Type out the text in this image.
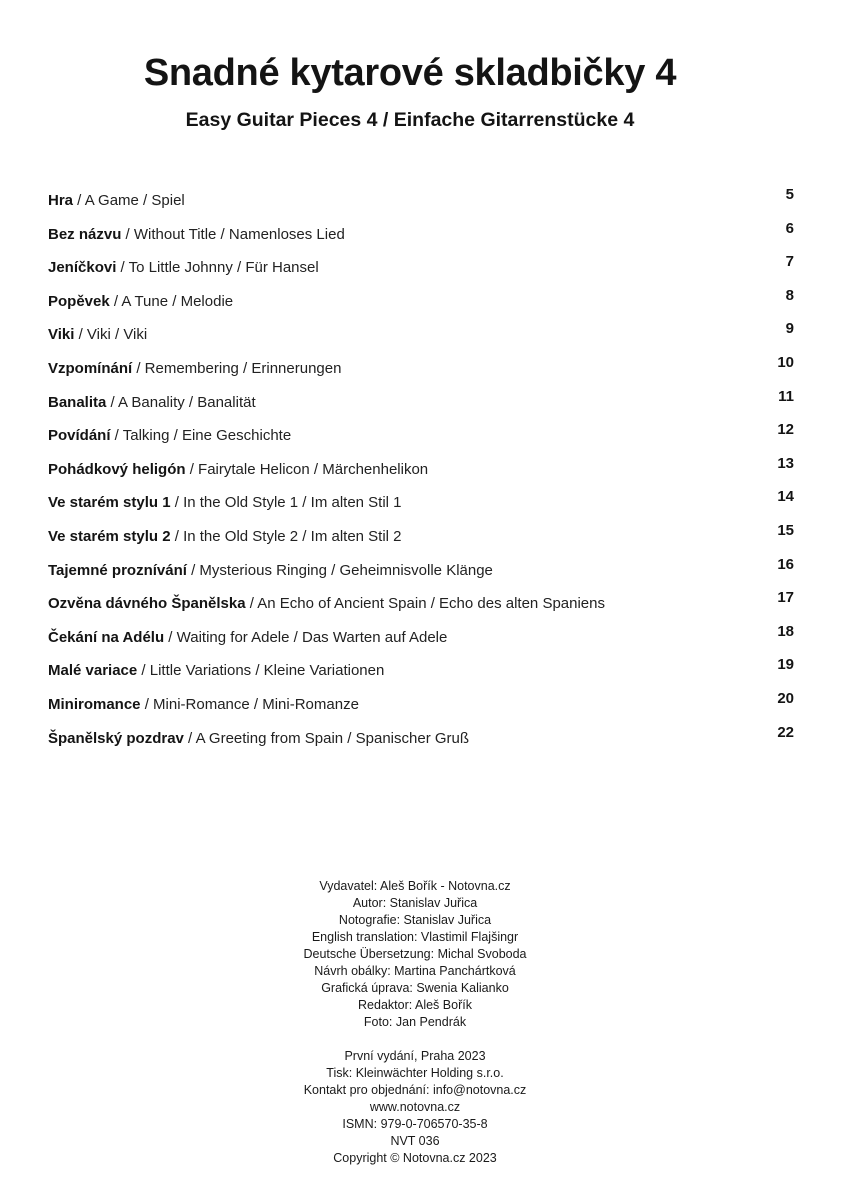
Snadné kytarové skladbičky 4
Easy Guitar Pieces 4 / Einfache Gitarrenstücke 4
Hra / A Game / Spiel	5
Bez názvu / Without Title / Namenloses Lied	6
Jeníčkovi / To Little Johnny / Für Hansel	7
Popěvek / A Tune / Melodie	8
Viki / Viki / Viki	9
Vzpomínání / Remembering / Erinnerungen	10
Banalita / A Banality / Banalität	11
Povídání / Talking / Eine Geschichte	12
Pohádkový heligón / Fairytale Helicon / Märchenhelikon	13
Ve starém stylu 1 / In the Old Style 1 / Im alten Stil 1	14
Ve starém stylu 2 / In the Old Style 2 / Im alten Stil 2	15
Tajemné proznívání / Mysterious Ringing / Geheimnisvolle Klänge	16
Ozvěna dávného Španělska / An Echo of Ancient Spain / Echo des alten Spaniens	17
Čekání na Adélu / Waiting for Adele / Das Warten auf Adele	18
Malé variace / Little Variations / Kleine Variationen	19
Miniromance / Mini-Romance / Mini-Romanze	20
Španělský pozdrav / A Greeting from Spain / Spanischer Gruß	22
Vydavatel: Aleš Bořík - Notovna.cz
Autor: Stanislav Juřica
Notografie: Stanislav Juřica
English translation: Vlastimil Flajšingr
Deutsche Übersetzung: Michal Svoboda
Návrh obálky: Martina Panchártková
Grafická úprava: Swenia Kalianko
Redaktor: Aleš Bořík
Foto: Jan Pendrák
První vydání, Praha 2023
Tisk: Kleinwächter Holding s.r.o.
Kontakt pro objednání: info@notovna.cz
www.notovna.cz
ISMN: 979-0-706570-35-8
NVT 036
Copyright © Notovna.cz 2023
